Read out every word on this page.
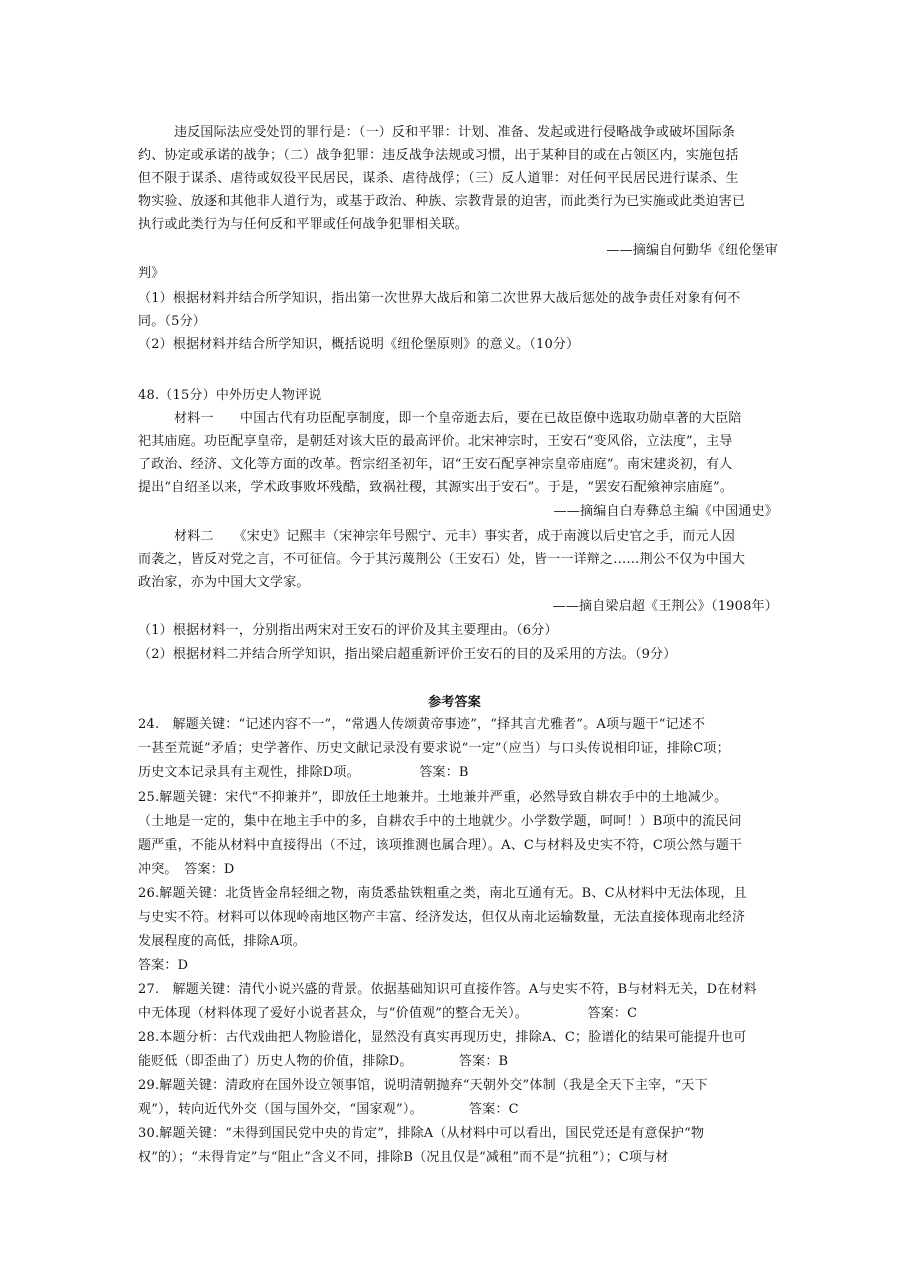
违反国际法应受处罚的罪行是：（一）反和平罪：计划、准备、发起或进行侵略战争或破坏国际条
约、协定或承诺的战争；（二）战争犯罪：违反战争法规或习惯，出于某种目的或在占领区内，实施包括
但不限于谋杀、虐待或奴役平民居民，谋杀、虐待战俘；（三）反人道罪：对任何平民居民进行谋杀、生
物实验、放逐和其他非人道行为，或基于政治、种族、宗教背景的迫害，而此类行为已实施或此类迫害已
执行或此类行为与任何反和平罪或任何战争犯罪相关联。
——摘编自何勤华《纽伦堡审
判》
（1）根据材料并结合所学知识，指出第一次世界大战后和第二次世界大战后惩处的战争责任对象有何不
同。（5分）
（2）根据材料并结合所学知识，概括说明《纽伦堡原则》的意义。（10分）
48.（15分）中外历史人物评说
材料一　　中国古代有功臣配享制度，即一个皇帝逝去后，要在已故臣僚中选取功勋卓著的大臣陪
祀其庙庭。功臣配享皇帝，是朝廷对该大臣的最高评价。北宋神宗时，王安石“变风俗，立法度”，主导
了政治、经济、文化等方面的改革。哲宗绍圣初年，诏“王安石配享神宗皇帝庙庭”。南宋建炎初，有人
提出“自绍圣以来，学术政事败坏残酷，致祸社稷，其源实出于安石”。于是，“罢安石配飨神宗庙庭”。
——摘编自白寿彝总主编《中国通史》
材料二　　《宋史》记熙丰（宋神宗年号熙宁、元丰）事实者，成于南渡以后史官之手，而元人因
而袭之，皆反对党之言，不可征信。今于其污蔑荆公（王安石）处，皆一一详辩之……荆公不仅为中国大
政治家，亦为中国大文学家。
——摘自梁启超《王荆公》（1908年）
（1）根据材料一，分别指出两宋对王安石的评价及其主要理由。（6分）
（2）根据材料二并结合所学知识，指出梁启超重新评价王安石的目的及采用的方法。（9分）
参考答案
24.　解题关键：“记述内容不一”，“常遇人传颂黄帝事迹”，“择其言尤雅者”。A项与题干“记述不
一甚至荒诞”矛盾；史学著作、历史文献记录没有要求说“一定”（应当）与口头传说相印证，排除C项；
历史文本记录具有主观性，排除D项。　　　　　答案：B
25.解题关键：宋代“不抑兼并”，即放任土地兼并。土地兼并严重，必然导致自耕农手中的土地减少。
（土地是一定的，集中在地主手中的多，自耕农手中的土地就少。小学数学题，呵呵！）B项中的流民问
题严重，不能从材料中直接得出（不过，该项推测也属合理）。A、C与材料及史实不符，C项公然与题干
冲突。　答案：D
26.解题关键：北货皆金帛轻细之物，南货悉盐铁粗重之类，南北互通有无。B、C从材料中无法体现，且
与史实不符。材料可以体现岭南地区物产丰富、经济发达，但仅从南北运输数量，无法直接体现南北经济
发展程度的高低，排除A项。
答案：D
27.　解题关键：清代小说兴盛的背景。依据基础知识可直接作答。A与史实不符，B与材料无关，D在材料
中无体现（材料体现了爱好小说者甚众，与“价值观”的整合无关）。　　　　　答案：C
28.本题分析：古代戏曲把人物脸谱化，显然没有真实再现历史，排除A、C；脸谱化的结果可能提升也可
能贬低（即歪曲了）历史人物的价值，排除D。　　　　答案：B
29.解题关键：清政府在国外设立领事馆，说明清朝抛弃“天朝外交”体制（我是全天下主宰，“天下
观”），转向近代外交（国与国外交，“国家观”）。　　　　答案：C
30.解题关键：“未得到国民党中央的肯定”，排除A（从材料中可以看出，国民党还是有意保护“物
权”的）；“未得肯定”与“阻止”含义不同，排除B（况且仅是“减租”而不是“抗租”）；C项与材
